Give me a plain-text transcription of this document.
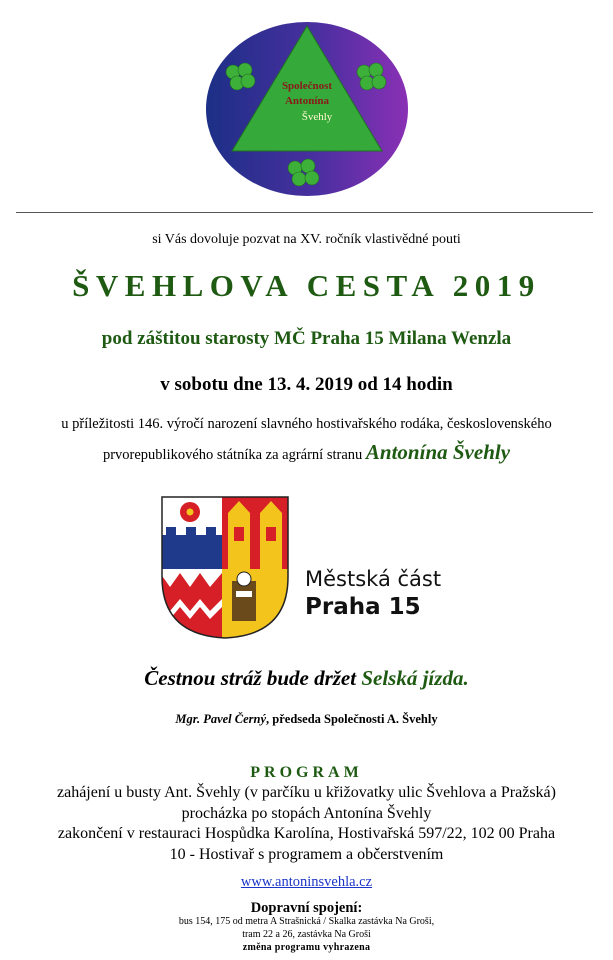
Společnost
Antonína
Švehly
si Vás dovoluje pozvat na XV. ročník vlastivědné pouti
ŠVEHLOVA CESTA 2019
pod záštitou starosty MČ Praha 15 Milana Wenzla
v sobotu dne 13. 4. 2019 od 14 hodin
u příležitosti 146. výročí narození slavného hostivařského rodáka, československého
prvorepublikového státníka za agrární stranu Antonína Švehly
Městská část
Praha 15
Čestnou stráž bude držet Selská jízda.
Mgr. Pavel Černý, předseda Společnosti A. Švehly
PROGRAM
zahájení u busty Ant. Švehly (v parčíku u křižovatky ulic Švehlova a Pražská)
procházka po stopách Antonína Švehly
zakončení v restauraci Hospůdka Karolína, Hostivařská 597/22, 102 00 Praha
10 - Hostivař s programem a občerstvením
www.antoninsvehla.cz
Dopravní spojení:
bus 154, 175 od metra A Strašnická / Skalka zastávka Na Groši,
tram 22 a 26, zastávka Na Groši
změna programu vyhrazena
